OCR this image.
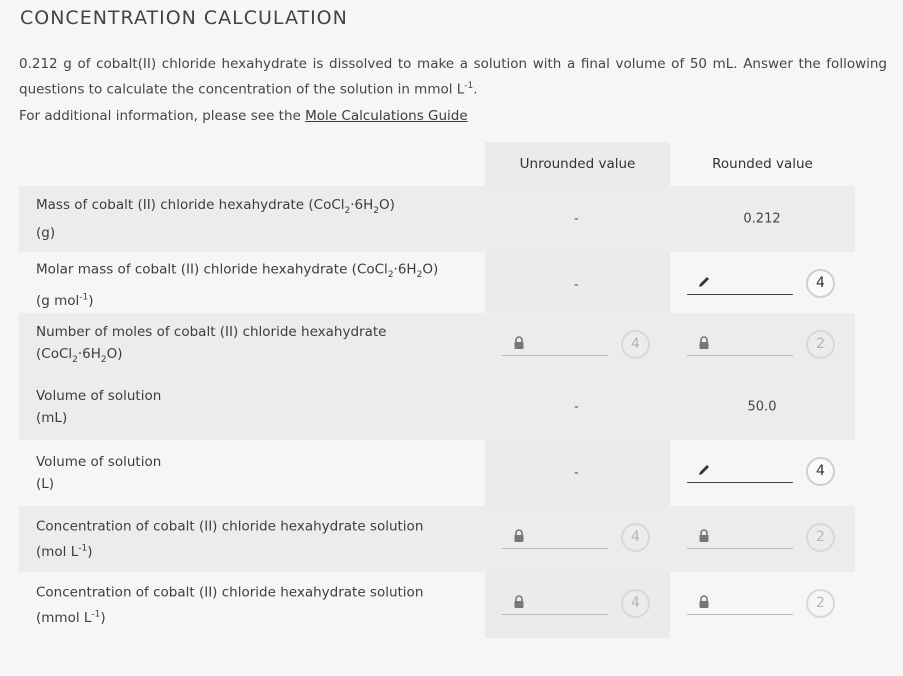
CONCENTRATION CALCULATION

0.212 g of cobalt(II) chloride hexahydrate is dissolved to make a solution with a final volume of 50 mL. Answer the following questions to calculate the concentration of the solution in mmol $L^{-1}$.

For additional information, please see the Mole Calculations Guide

Unrounded value	Rounded value
Mass of cobalt (II) chloride hexahydrate $(CoCl_2\cdot 6H_2O)$
(g)
-	0.212
Molar mass of cobalt (II) chloride hexahydrate $(CoCl_2\cdot 6H_2O)$
(g mol$^{-1}$)
-	4
Number of moles of cobalt (II) chloride hexahydrate $(CoCl_2\cdot 6H_2O)$
4	2
Volume of solution
(mL)
-	50.0
Volume of solution
(L)
-	4
Concentration of cobalt (II) chloride hexahydrate solution
(mol $L^{-1}$)
4	2
Concentration of cobalt (II) chloride hexahydrate solution
(mmol $L^{-1}$)
4	2
